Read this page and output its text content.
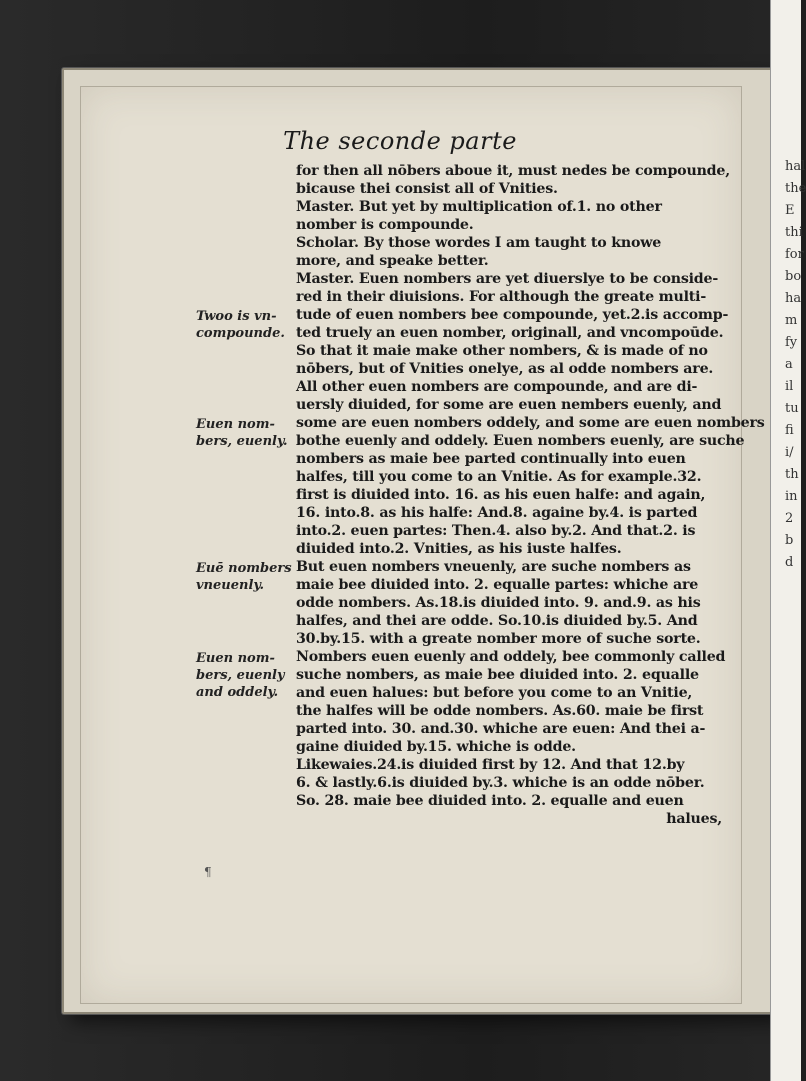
hal
the
E
thi
for
bo
ha
m
fy
a
il
tu
fi
i/
th
in
2
b
d
The seconde parte
for then all nōbers aboue it, must nedes be compounde,
bicause thei consist all of Vnities.
Master. But yet by multiplication of.1. no other
nomber is compounde.
Scholar. By those wordes I am taught to knowe
more, and speake better.
Master. Euen nombers are yet diuerslye to be conside-
red in their diuisions. For although the greate multi-
tude of euen nombers bee compounde, yet.2.is accomp-
ted truely an euen nomber, originall, and vncompoūde.
So that it maie make other nombers, & is made of no
nōbers, but of Vnities onelye, as al odde nombers are.
All other euen nombers are compounde, and are di-
uersly diuided, for some are euen nembers euenly, and
some are euen nombers oddely, and some are euen nombers
bothe euenly and oddely. Euen nombers euenly, are suche
nombers as maie bee parted continually into euen
halfes, till you come to an Vnitie. As for example.32.
first is diuided into. 16. as his euen halfe: and again,
16. into.8. as his halfe: And.8. againe by.4. is parted
into.2. euen partes: Then.4. also by.2. And that.2. is
diuided into.2. Vnities, as his iuste halfes.
But euen nombers vneuenly, are suche nombers as
maie bee diuided into. 2. equalle partes: whiche are
odde nombers. As.18.is diuided into. 9. and.9. as his
halfes, and thei are odde. So.10.is diuided by.5. And
30.by.15. with a greate nomber more of suche sorte.
Nombers euen euenly and oddely, bee commonly called
suche nombers, as maie bee diuided into. 2. equalle
and euen halues: but before you come to an Vnitie,
the halfes will be odde nombers. As.60. maie be first
parted into. 30. and.30. whiche are euen: And thei a-
gaine diuided by.15. whiche is odde.
Likewaies.24.is diuided first by 12. And that 12.by
6. & lastly.6.is diuided by.3. whiche is an odde nōber.
So. 28. maie bee diuided into. 2. equalle and euen
halues,
Twoo is vn-
compounde.
Euen nom-
bers, euenly.
Euē nombers
vneuenly.
Euen nom-
bers, euenly
and oddely.
¶
